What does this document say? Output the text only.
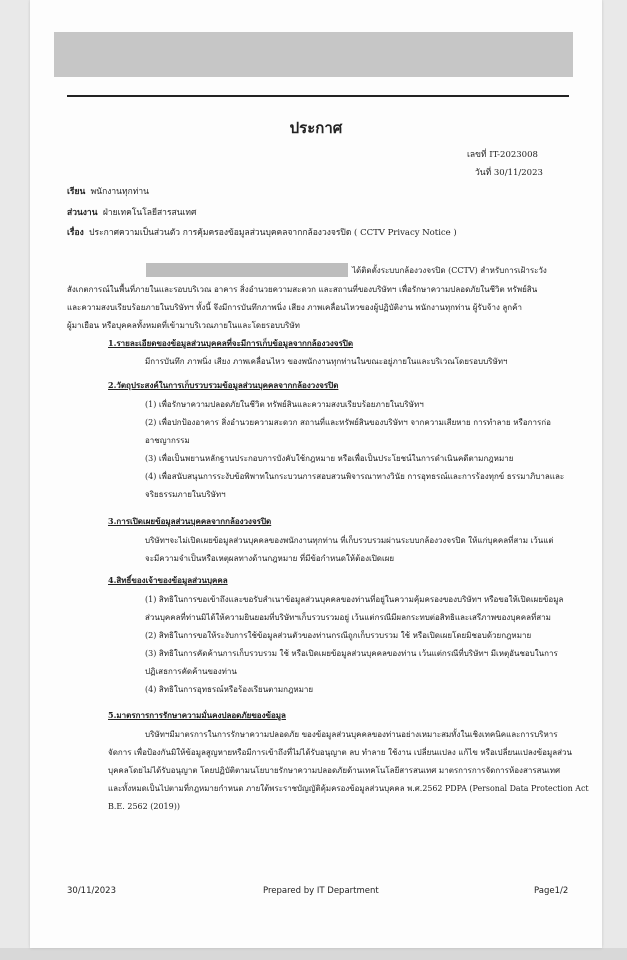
ประกาศ
เลขที่ IT-2023008
วันที่ 30/11/2023
เรียน พนักงานทุกท่าน
ส่วนงาน ฝ่ายเทคโนโลยีสารสนเทศ
เรื่อง ประกาศความเป็นส่วนตัว การคุ้มครองข้อมูลส่วนบุคคลจากกล้องวงจรปิด ( CCTV Privacy Notice )
ได้ติดตั้งระบบกล้องวงจรปิด (CCTV) สำหรับการเฝ้าระวัง
สังเกตการณ์ในพื้นที่ภายในและรอบบริเวณ อาคาร สิ่งอำนวยความสะดวก และสถานที่ของบริษัทฯ เพื่อรักษาความปลอดภัยในชีวิต ทรัพย์สิน
และความสงบเรียบร้อยภายในบริษัทฯ ทั้งนี้ จึงมีการบันทึกภาพนิ่ง เสียง ภาพเคลื่อนไหวของผู้ปฏิบัติงาน พนักงานทุกท่าน ผู้รับจ้าง ลูกค้า
ผู้มาเยือน หรือบุคคลทั้งหมดที่เข้ามาบริเวณภายในและโดยรอบบริษัท
1.รายละเอียดของข้อมูลส่วนบุคคลที่จะมีการเก็บข้อมูลจากกล้องวงจรปิด
มีการบันทึก ภาพนิ่ง เสียง ภาพเคลื่อนไหว ของพนักงานทุกท่านในขณะอยู่ภายในและบริเวณโดยรอบบริษัทฯ
2.วัตถุประสงค์ในการเก็บรวบรวมข้อมูลส่วนบุคคลจากกล้องวงจรปิด
(1) เพื่อรักษาความปลอดภัยในชีวิต ทรัพย์สินและความสงบเรียบร้อยภายในบริษัทฯ
(2) เพื่อปกป้องอาคาร สิ่งอำนวยความสะดวก สถานที่และทรัพย์สินของบริษัทฯ จากความเสียหาย การทำลาย หรือการก่อ
อาชญากรรม
(3) เพื่อเป็นพยานหลักฐานประกอบการบังคับใช้กฎหมาย หรือเพื่อเป็นประโยชน์ในการดำเนินคดีตามกฎหมาย
(4) เพื่อสนับสนุนการระงับข้อพิพาทในกระบวนการสอบสวนพิจารณาทางวินัย การอุทธรณ์และการร้องทุกข์ ธรรมาภิบาลและ
จริยธรรมภายในบริษัทฯ
3.การเปิดเผยข้อมูลส่วนบุคคลจากกล้องวงจรปิด
บริษัทฯจะไม่เปิดเผยข้อมูลส่วนบุคคลของพนักงานทุกท่าน ที่เก็บรวบรวมผ่านระบบกล้องวงจรปิด ให้แก่บุคคลที่สาม เว้นแต่
จะมีความจำเป็นหรือเหตุผลทางด้านกฎหมาย ที่มีข้อกำหนดให้ต้องเปิดเผย
4.สิทธิ์ของเจ้าของข้อมูลส่วนบุคคล
(1) สิทธิในการขอเข้าถึงและขอรับสำเนาข้อมูลส่วนบุคคลของท่านที่อยู่ในความคุ้มครองของบริษัทฯ หรือขอให้เปิดเผยข้อมูล
ส่วนบุคคลที่ท่านมิได้ให้ความยินยอมที่บริษัทฯเก็บรวบรวมอยู่ เว้นแต่กรณีมีผลกระทบต่อสิทธิและเสรีภาพของบุคคลที่สาม
(2) สิทธิในการขอให้ระงับการใช้ข้อมูลส่วนตัวของท่านกรณีถูกเก็บรวบรวม ใช้ หรือเปิดเผยโดยมิชอบด้วยกฎหมาย
(3) สิทธิในการคัดค้านการเก็บรวบรวม ใช้ หรือเปิดเผยข้อมูลส่วนบุคคลของท่าน เว้นแต่กรณีที่บริษัทฯ มีเหตุอันชอบในการ
ปฏิเสธการคัดค้านของท่าน
(4) สิทธิในการอุทธรณ์หรือร้องเรียนตามกฎหมาย
5.มาตรการการรักษาความมั่นคงปลอดภัยของข้อมูล
บริษัทฯมีมาตรการในการรักษาความปลอดภัย ของข้อมูลส่วนบุคคลของท่านอย่างเหมาะสมทั้งในเชิงเทคนิคและการบริหาร
จัดการ เพื่อป้องกันมิให้ข้อมูลสูญหายหรือมีการเข้าถึงที่ไม่ได้รับอนุญาต ลบ ทำลาย ใช้งาน เปลี่ยนแปลง แก้ไข หรือเปลี่ยนแปลงข้อมูลส่วน
บุคคลโดยไม่ได้รับอนุญาต โดยปฏิบัติตามนโยบายรักษาความปลอดภัยด้านเทคโนโลยีสารสนเทศ มาตรการการจัดการห้องสารสนเทศ
และทั้งหมดเป็นไปตามที่กฎหมายกำหนด ภายใต้พระราชบัญญัติคุ้มครองข้อมูลส่วนบุคคล พ.ศ.2562 PDPA (Personal Data Protection Act
B.E. 2562 (2019))
30/11/2023	Prepared by IT Department	Page1/2
